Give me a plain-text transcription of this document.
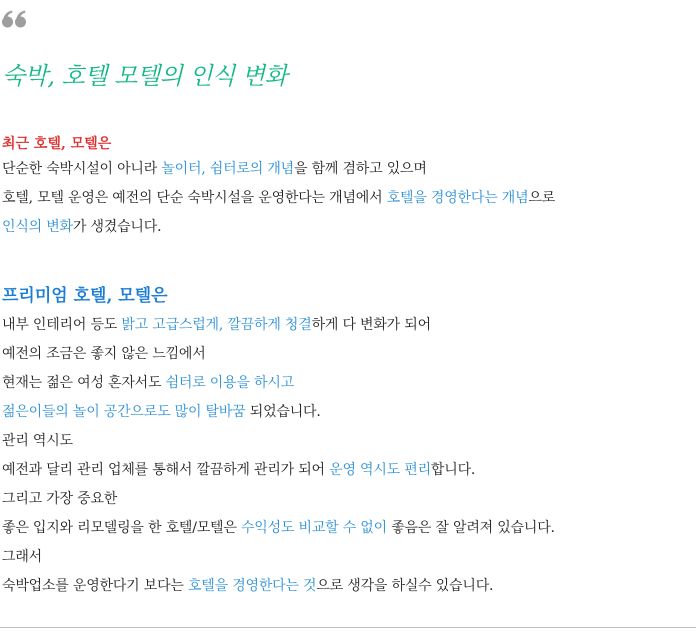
숙박, 호텔 모텔의 인식 변화
최근 호텔, 모텔은
단순한 숙박시설이 아니라 놀이터, 쉼터로의 개념을 함께 겸하고 있으며
호텔, 모텔 운영은 예전의 단순 숙박시설을 운영한다는 개념에서 호텔을 경영한다는 개념으로
인식의 변화가 생겼습니다.
프리미엄 호텔, 모텔은
내부 인테리어 등도 밝고 고급스럽게, 깔끔하게 청결하게 다 변화가 되어
예전의 조금은 좋지 않은 느낌에서
현재는 젊은 여성 혼자서도 쉼터로 이용을 하시고
젊은이들의 놀이 공간으로도 많이 탈바꿈 되었습니다.
관리 역시도
예전과 달리 관리 업체를 통해서 깔끔하게 관리가 되어 운영 역시도 편리합니다.
그리고 가장 중요한
좋은 입지와 리모델링을 한 호텔/모텔은 수익성도 비교할 수 없이 좋음은 잘 알려져 있습니다.
그래서
숙박업소를 운영한다기 보다는 호텔을 경영한다는 것으로 생각을 하실수 있습니다.
